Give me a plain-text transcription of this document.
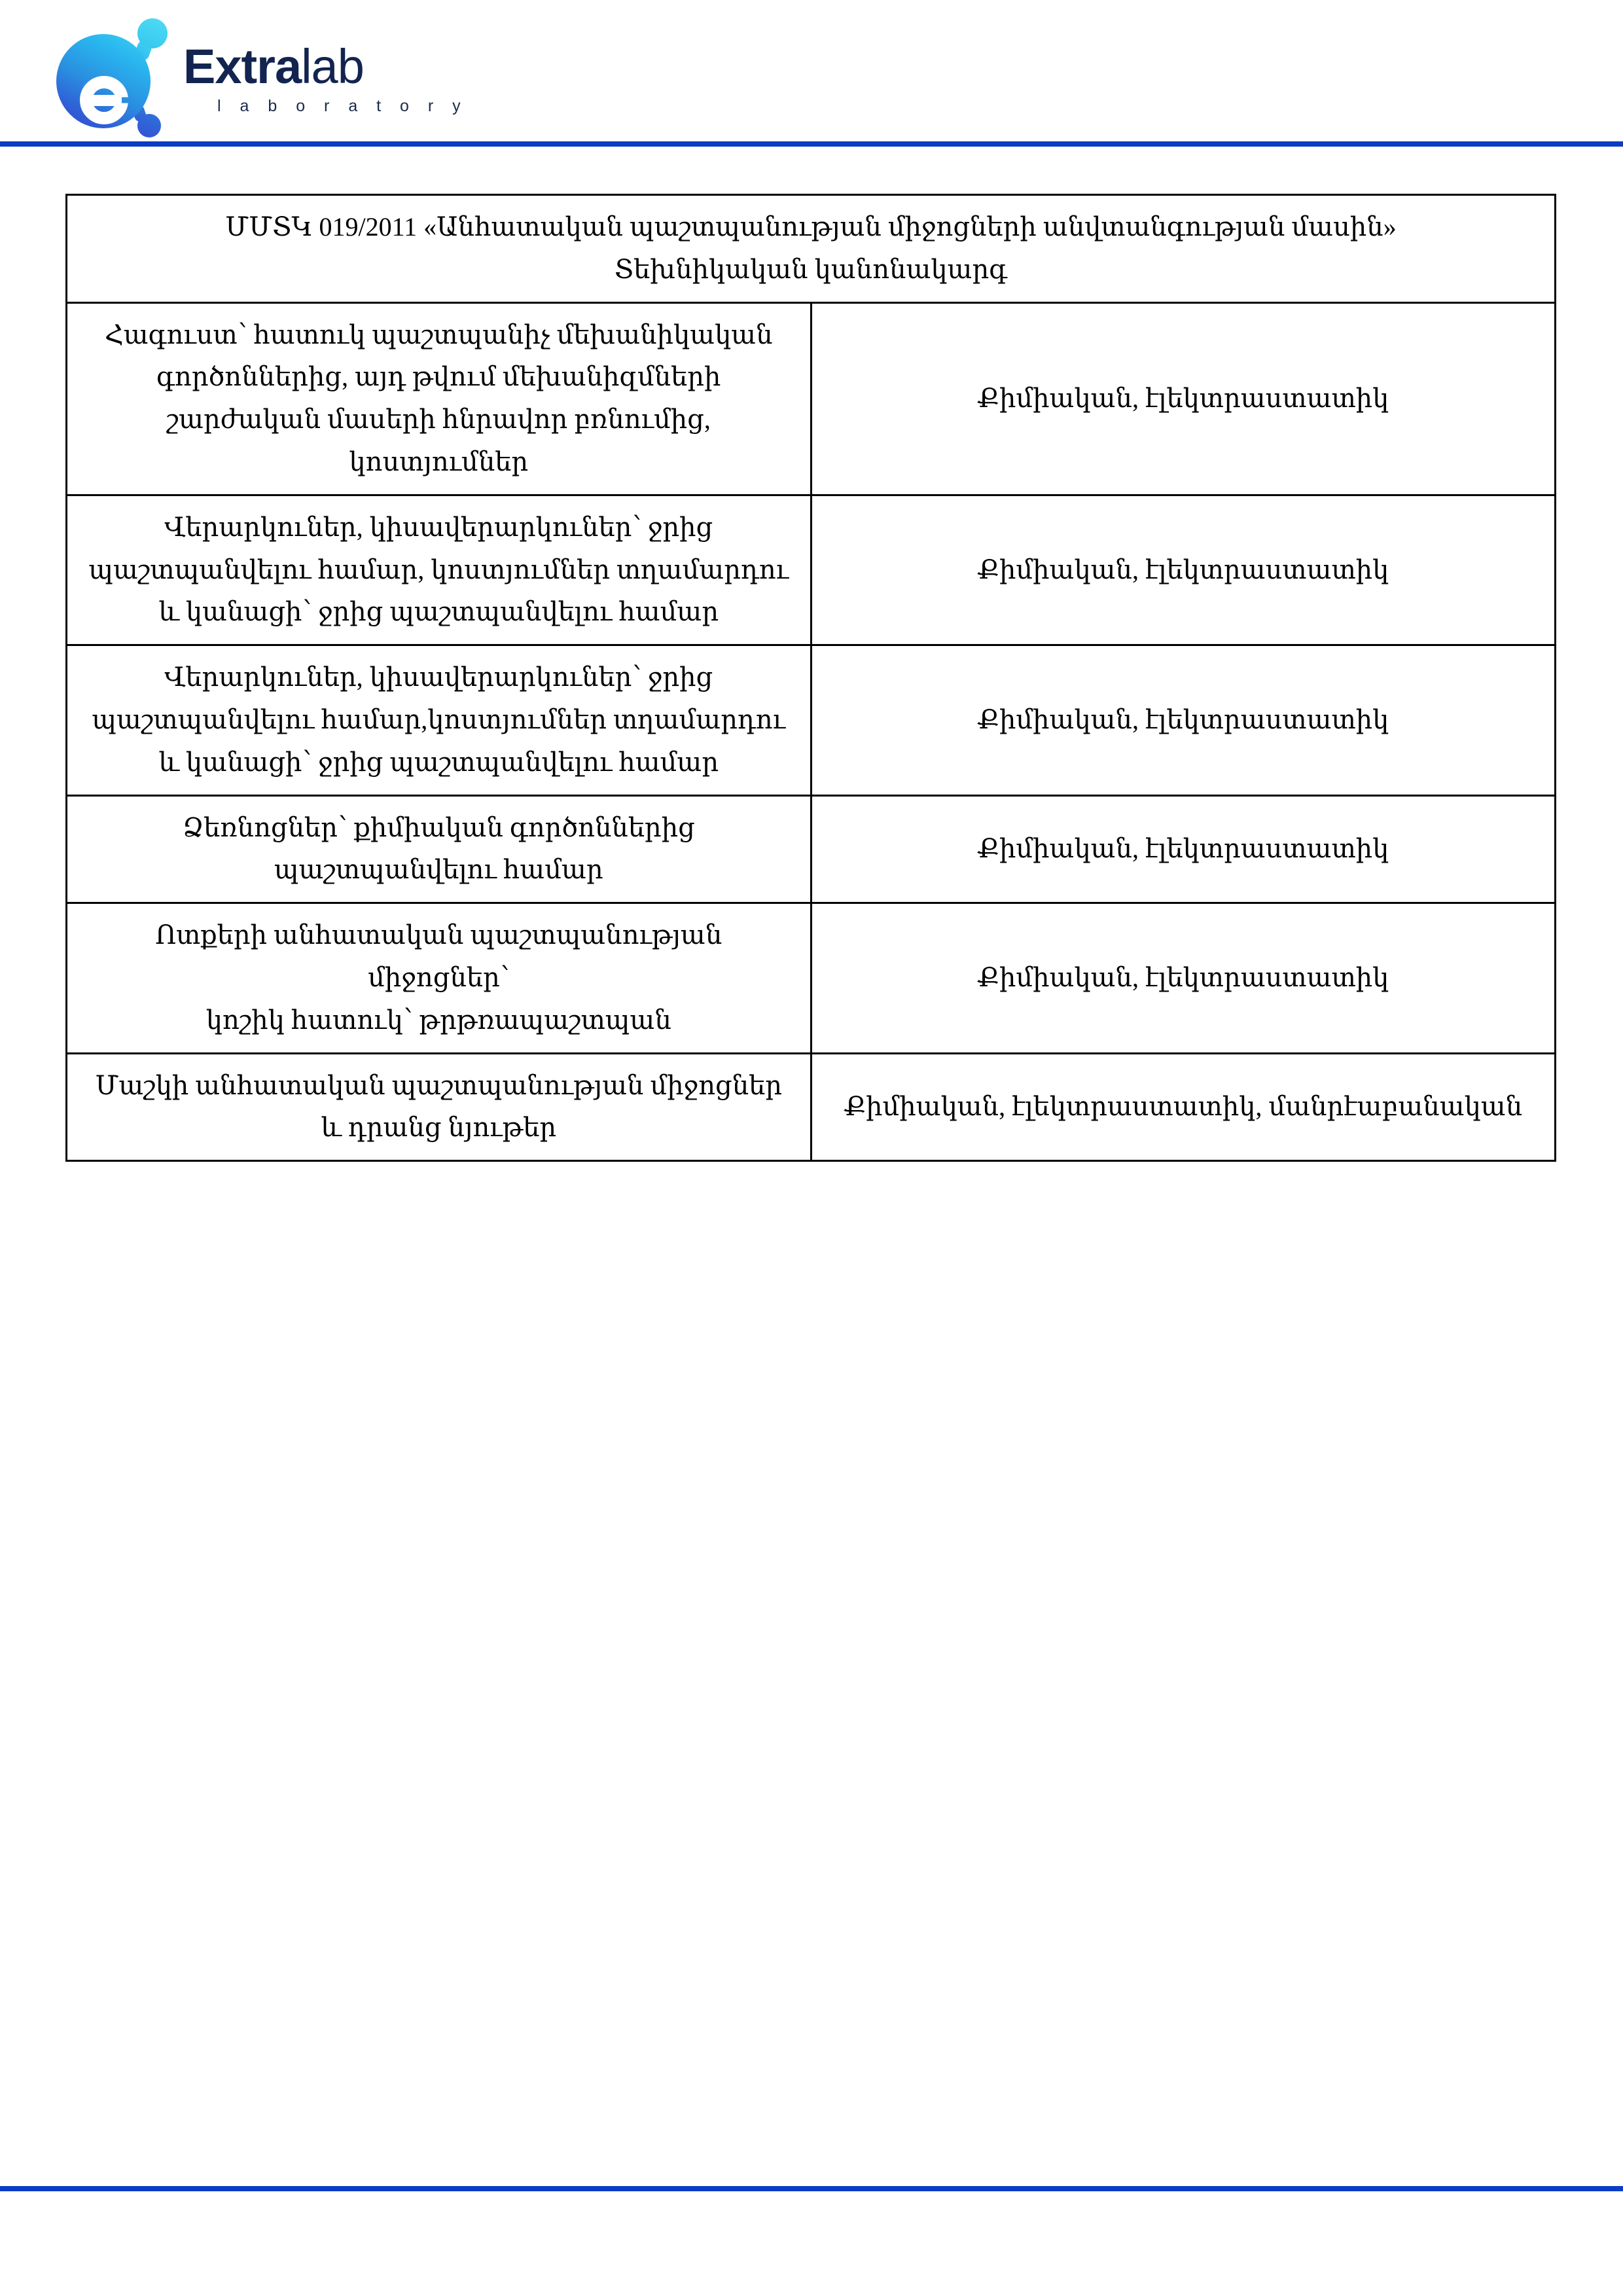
Extralab
l a b o r a t o r y
ՄՄՏԿ 019/2011 «Անհատական պաշտպանության միջոցների անվտանգության մասին»
Տեխնիկական կանոնակարգ	

Հագուստ՝ հատուկ պաշտպանիչ մեխանիկական գործոններից, այդ թվում մեխանիզմների շարժական մասերի հնրավոր բռնումից, կոստյումներ	Քիմիական, էլեկտրաստատիկ
Վերարկուներ, կիսավերարկուներ՝ ջրից պաշտպանվելու համար, կոստյումներ տղամարդու և կանացի՝ ջրից պաշտպանվելու համար	Քիմիական, էլեկտրաստատիկ
Վերարկուներ, կիսավերարկուներ՝ ջրից պաշտպանվելու համար,կոստյումներ տղամարդու և կանացի՝ ջրից պաշտպանվելու համար	Քիմիական, էլեկտրաստատիկ
Ձեռնոցներ՝ քիմիական գործոններից պաշտպանվելու համար	Քիմիական, էլեկտրաստատիկ

Ոտքերի անհատական պաշտպանության միջոցներ՝
կոշիկ հատուկ՝ թրթռապաշտպան	Քիմիական, էլեկտրաստատիկ
Մաշկի անհատական պաշտպանության միջոցներ և դրանց նյութեր	Քիմիական, էլեկտրաստատիկ, մանրէաբանական
